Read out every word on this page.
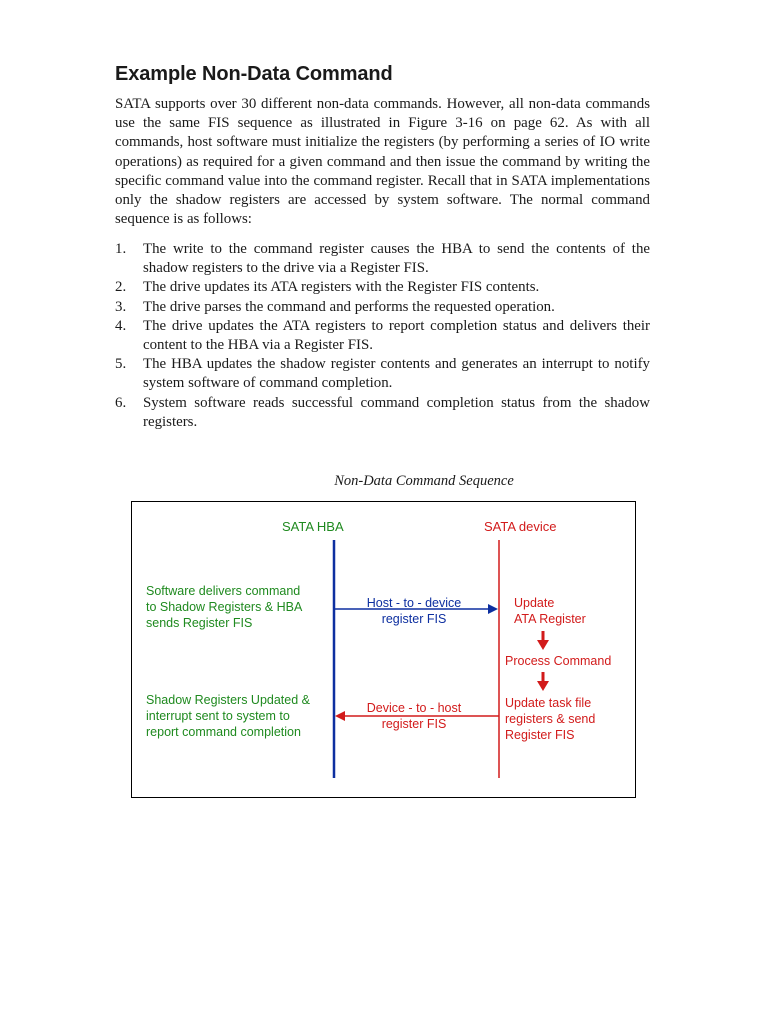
Example Non-Data Command

SATA supports over 30 different non-data commands. However, all non-data commands use the same FIS sequence as illustrated in Figure 3-16 on page 62. As with all commands, host software must initialize the registers (by performing a series of IO write operations) as required for a given command and then issue the command by writing the specific command value into the command register. Recall that in SATA implementations only the shadow registers are accessed by system software. The normal command sequence is as follows:

1.	The write to the command register causes the HBA to send the contents of the shadow registers to the drive via a Register FIS.
2.	The drive updates its ATA registers with the Register FIS contents.
3.	The drive parses the command and performs the requested operation.
4.	The drive updates the ATA registers to report completion status and delivers their content to the HBA via a Register FIS.
5.	The HBA updates the shadow register contents and generates an interrupt to notify system software of command completion.
6.	System software reads successful command completion status from the shadow registers.

Non-Data Command Sequence

SATA HBA	SATA device
Software delivers command
to Shadow Registers & HBA
sends Register FIS
Host - to - device
register FIS
Update
ATA Register
Process Command
Shadow Registers Updated &
interrupt sent to system to
report command completion
Device - to - host
register FIS
Update task file
registers & send
Register FIS
